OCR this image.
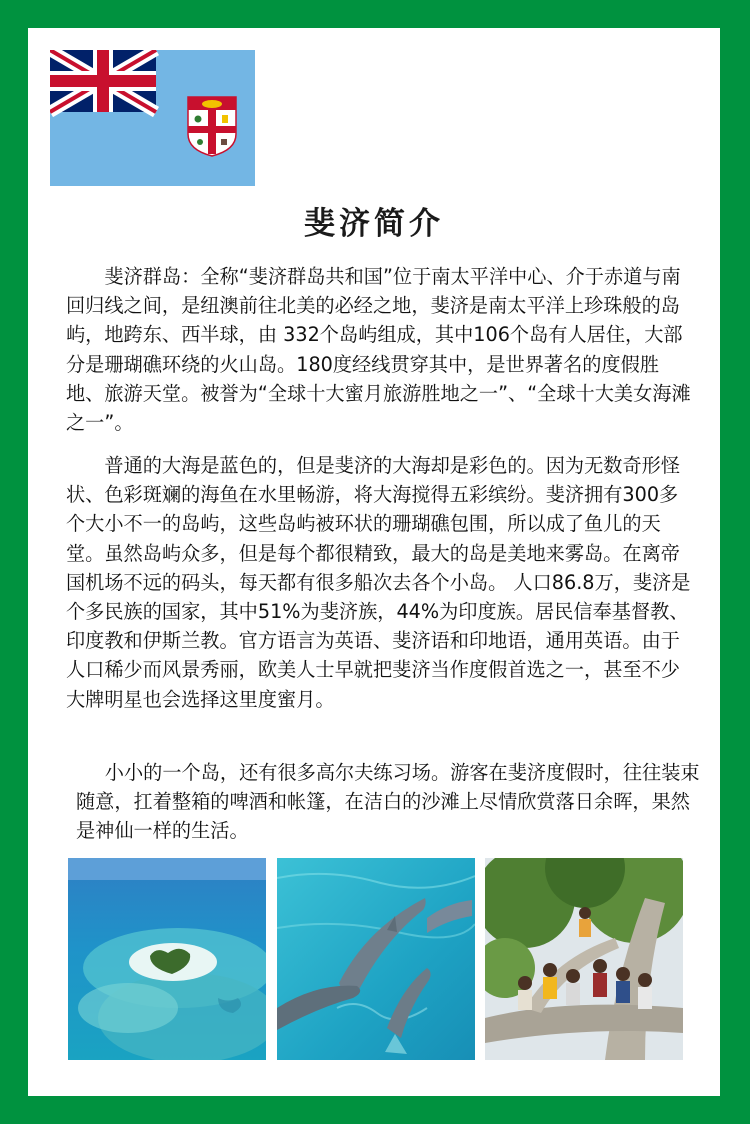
斐济简介

斐济群岛：全称“斐济群岛共和国”位于南太平洋中心、介于赤道与南回归线之间，是纽澳前往北美的必经之地，斐济是南太平洋上珍珠般的岛屿，地跨东、西半球，由 332个岛屿组成，其中106个岛有人居住，大部分是珊瑚礁环绕的火山岛。180度经线贯穿其中，是世界著名的度假胜地、旅游天堂。被誉为“全球十大蜜月旅游胜地之一”、“全球十大美女海滩之一”。

普通的大海是蓝色的，但是斐济的大海却是彩色的。因为无数奇形怪状、色彩斑斓的海鱼在水里畅游，将大海搅得五彩缤纷。斐济拥有300多个大小不一的岛屿，这些岛屿被环状的珊瑚礁包围，所以成了鱼儿的天堂。虽然岛屿众多，但是每个都很精致，最大的岛是美地来雾岛。在离帝国机场不远的码头，每天都有很多船次去各个小岛。 人口86.8万，斐济是个多民族的国家，其中51%为斐济族，44%为印度族。居民信奉基督教、印度教和伊斯兰教。官方语言为英语、斐济语和印地语，通用英语。由于人口稀少而风景秀丽，欧美人士早就把斐济当作度假首选之一，甚至不少大牌明星也会选择这里度蜜月。

小小的一个岛，还有很多高尔夫练习场。游客在斐济度假时，往往装束随意，扛着整箱的啤酒和帐篷，在洁白的沙滩上尽情欣赏落日余晖，果然是神仙一样的生活。
